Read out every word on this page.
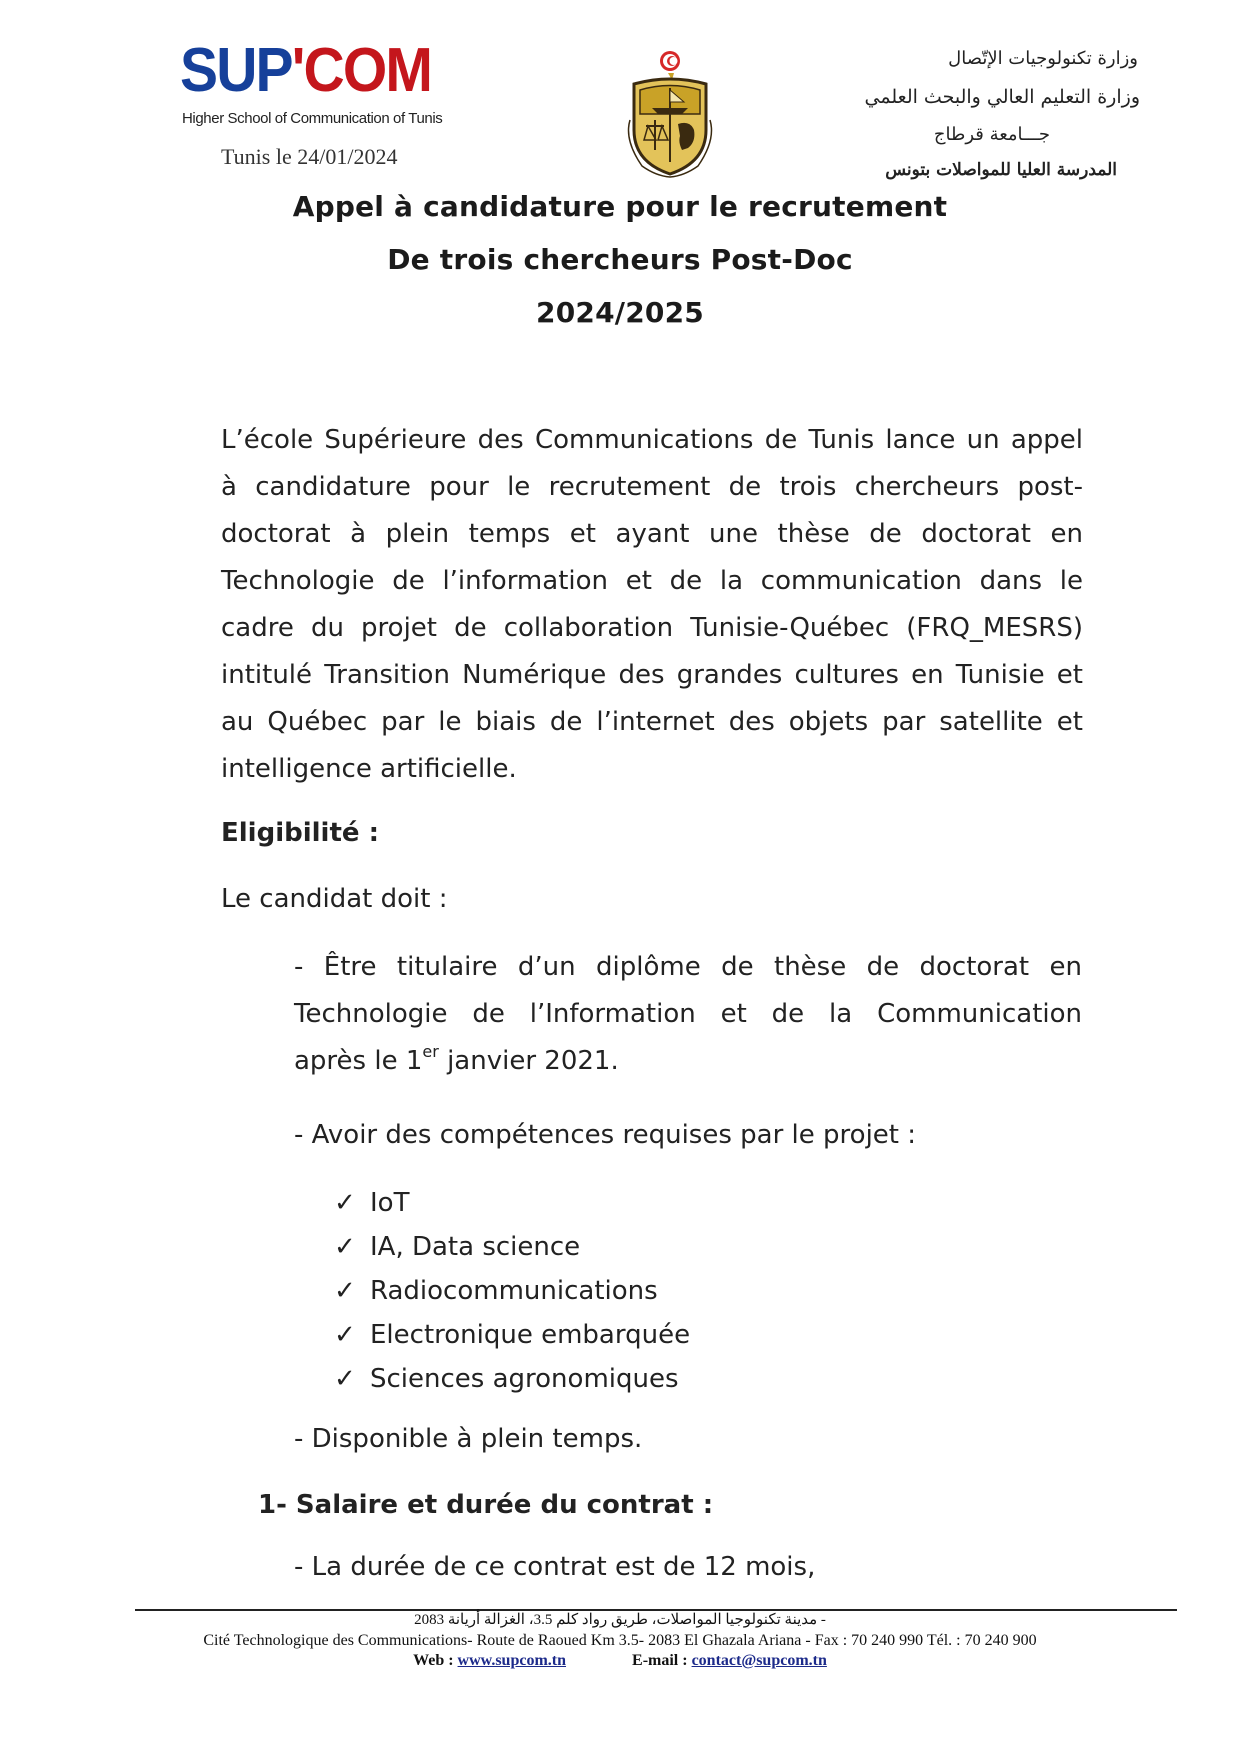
SUP'COM
Higher School of Communication of Tunis
Tunis le 24/01/2024
وزارة تكنولوجيات الإتّصال
وزارة التعليم العالي والبحث العلمي
جـــامعة قرطاج
المدرسة العليا للمواصلات بتونس
Appel à candidature pour le recrutement
De trois chercheurs Post-Doc
2024/2025
L’école Supérieure des Communications de Tunis lance un appel à candidature pour le recrutement de trois chercheurs post-doctorat à plein temps et ayant une thèse de doctorat en Technologie de l’information et de la communication dans le cadre du projet de collaboration Tunisie-Québec (FRQ_MESRS) intitulé Transition Numérique des grandes cultures en Tunisie et au Québec par le biais de l’internet des objets par satellite et intelligence artificielle.
Eligibilité :
Le candidat doit :
- Être titulaire d’un diplôme de thèse de doctorat en
Technologie de l’Information et de la Communication
après le 1er janvier 2021.
- Avoir des compétences requises par le projet :
✓ IoT
✓ IA, Data science
✓ Radiocommunications
✓ Electronique embarquée
✓ Sciences agronomiques
- Disponible à plein temps.
1- Salaire et durée du contrat :
- La durée de ce contrat est de 12 mois,
- مدينة تكنولوجيا المواصلات، طريق رواد كلم 3.5، الغزالة أريانة 2083
Cité Technologique des Communications- Route de Raoued Km 3.5- 2083 El Ghazala Ariana - Fax : 70 240 990 Tél. : 70 240 900
Web : www.supcom.tn	E-mail : contact@supcom.tn
